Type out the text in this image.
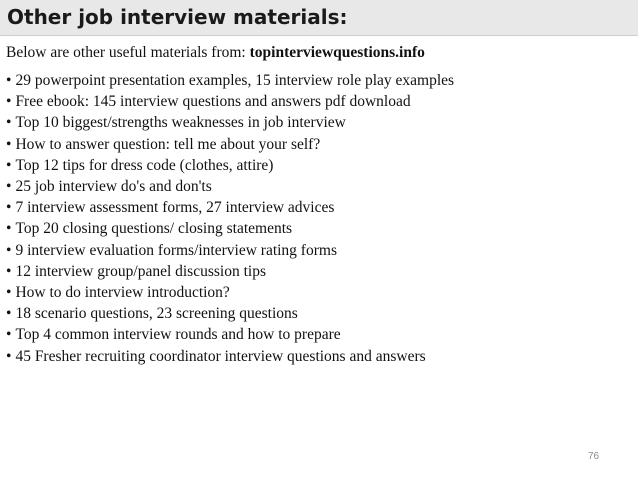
Other job interview materials:
Below are other useful materials from: topinterviewquestions.info
• 29 powerpoint presentation examples, 15 interview role play examples
• Free ebook: 145 interview questions and answers pdf download
• Top 10 biggest/strengths weaknesses in job interview
• How to answer question: tell me about your self?
• Top 12 tips for dress code (clothes, attire)
• 25 job interview do's and don'ts
• 7 interview assessment forms, 27 interview advices
• Top 20 closing questions/ closing statements
• 9 interview evaluation forms/interview rating forms
• 12 interview group/panel discussion tips
• How to do interview introduction?
• 18 scenario questions, 23 screening questions
• Top 4 common interview rounds and how to prepare
• 45 Fresher recruiting coordinator interview questions and answers
76
